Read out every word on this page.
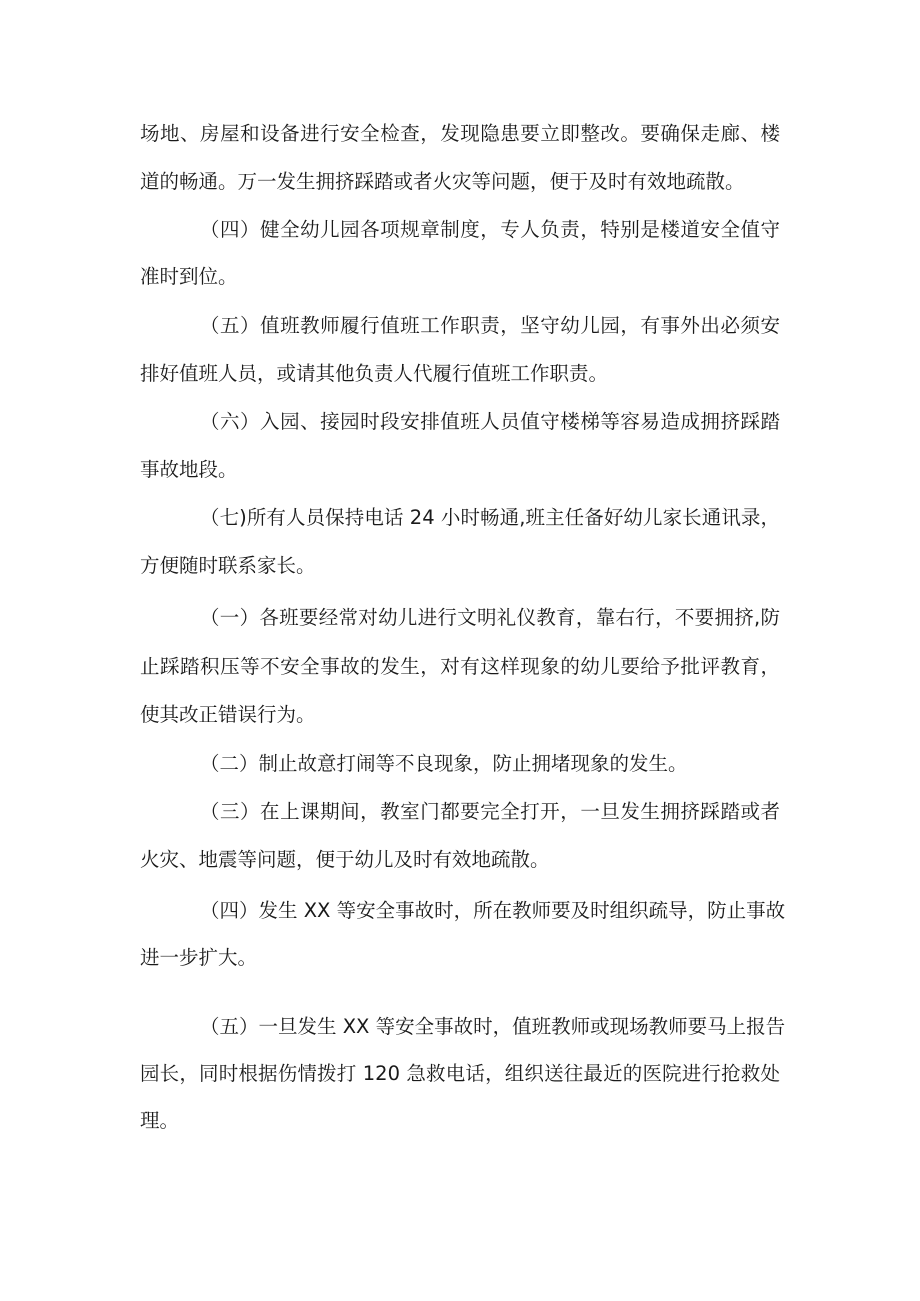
场地、房屋和设备进行安全检查，发现隐患要立即整改。要确保走廊、楼
道的畅通。万一发生拥挤踩踏或者火灾等问题，便于及时有效地疏散。
（四）健全幼儿园各项规章制度，专人负责，特别是楼道安全值守
准时到位。
（五）值班教师履行值班工作职责，坚守幼儿园，有事外出必须安
排好值班人员，或请其他负责人代履行值班工作职责。
（六）入园、接园时段安排值班人员值守楼梯等容易造成拥挤踩踏
事故地段。
（七)所有人员保持电话 24 小时畅通,班主任备好幼儿家长通讯录，
方便随时联系家长。
（一）各班要经常对幼儿进行文明礼仪教育，靠右行，不要拥挤,防
止踩踏积压等不安全事故的发生，对有这样现象的幼儿要给予批评教育，
使其改正错误行为。
（二）制止故意打闹等不良现象，防止拥堵现象的发生。
（三）在上课期间，教室门都要完全打开，一旦发生拥挤踩踏或者
火灾、地震等问题，便于幼儿及时有效地疏散。
（四）发生 XX 等安全事故时，所在教师要及时组织疏导，防止事故
进一步扩大。
（五）一旦发生 XX 等安全事故时，值班教师或现场教师要马上报告
园长，同时根据伤情拨打 120 急救电话，组织送往最近的医院进行抢救处
理。
